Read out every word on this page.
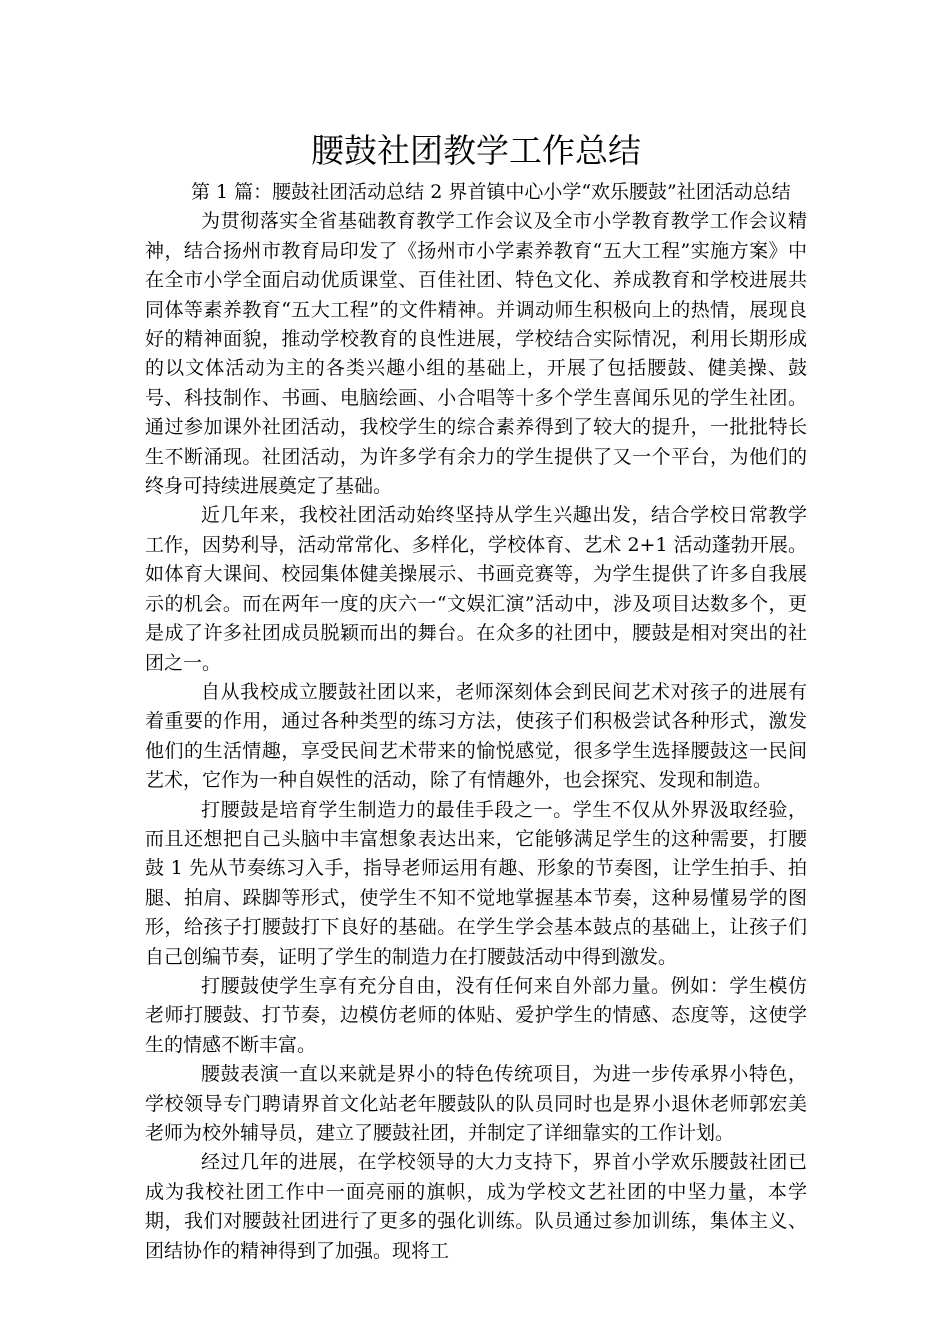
腰鼓社团教学工作总结

第 1 篇：腰鼓社团活动总结 2 界首镇中心小学“欢乐腰鼓”社团活动总结

为贯彻落实全省基础教育教学工作会议及全市小学教育教学工作会议精神，结合扬州市教育局印发了《扬州市小学素养教育“五大工程”实施方案》中在全市小学全面启动优质课堂、百佳社团、特色文化、养成教育和学校进展共同体等素养教育“五大工程”的文件精神。并调动师生积极向上的热情，展现良好的精神面貌，推动学校教育的良性进展，学校结合实际情况，利用长期形成的以文体活动为主的各类兴趣小组的基础上，开展了包括腰鼓、健美操、鼓号、科技制作、书画、电脑绘画、小合唱等十多个学生喜闻乐见的学生社团。通过参加课外社团活动，我校学生的综合素养得到了较大的提升，一批批特长生不断涌现。社团活动，为许多学有余力的学生提供了又一个平台，为他们的终身可持续进展奠定了基础。

近几年来，我校社团活动始终坚持从学生兴趣出发，结合学校日常教学工作，因势利导，活动常常化、多样化，学校体育、艺术 2+1 活动蓬勃开展。如体育大课间、校园集体健美操展示、书画竞赛等，为学生提供了许多自我展示的机会。而在两年一度的庆六一“文娱汇演”活动中，涉及项目达数多个，更是成了许多社团成员脱颖而出的舞台。在众多的社团中，腰鼓是相对突出的社团之一。

自从我校成立腰鼓社团以来，老师深刻体会到民间艺术对孩子的进展有着重要的作用，通过各种类型的练习方法，使孩子们积极尝试各种形式，激发他们的生活情趣，享受民间艺术带来的愉悦感觉，很多学生选择腰鼓这一民间艺术，它作为一种自娱性的活动，除了有情趣外，也会探究、发现和制造。

打腰鼓是培育学生制造力的最佳手段之一。学生不仅从外界汲取经验，而且还想把自己头脑中丰富想象表达出来，它能够满足学生的这种需要，打腰鼓 1 先从节奏练习入手，指导老师运用有趣、形象的节奏图，让学生拍手、拍腿、拍肩、跺脚等形式，使学生不知不觉地掌握基本节奏，这种易懂易学的图形，给孩子打腰鼓打下良好的基础。在学生学会基本鼓点的基础上，让孩子们自己创编节奏，证明了学生的制造力在打腰鼓活动中得到激发。

打腰鼓使学生享有充分自由，没有任何来自外部力量。例如：学生模仿老师打腰鼓、打节奏，边模仿老师的体贴、爱护学生的情感、态度等，这使学生的情感不断丰富。

腰鼓表演一直以来就是界小的特色传统项目，为进一步传承界小特色，学校领导专门聘请界首文化站老年腰鼓队的队员同时也是界小退休老师郭宏美老师为校外辅导员，建立了腰鼓社团，并制定了详细靠实的工作计划。

经过几年的进展，在学校领导的大力支持下，界首小学欢乐腰鼓社团已成为我校社团工作中一面亮丽的旗帜，成为学校文艺社团的中坚力量，本学期，我们对腰鼓社团进行了更多的强化训练。队员通过参加训练，集体主义、团结协作的精神得到了加强。现将工
